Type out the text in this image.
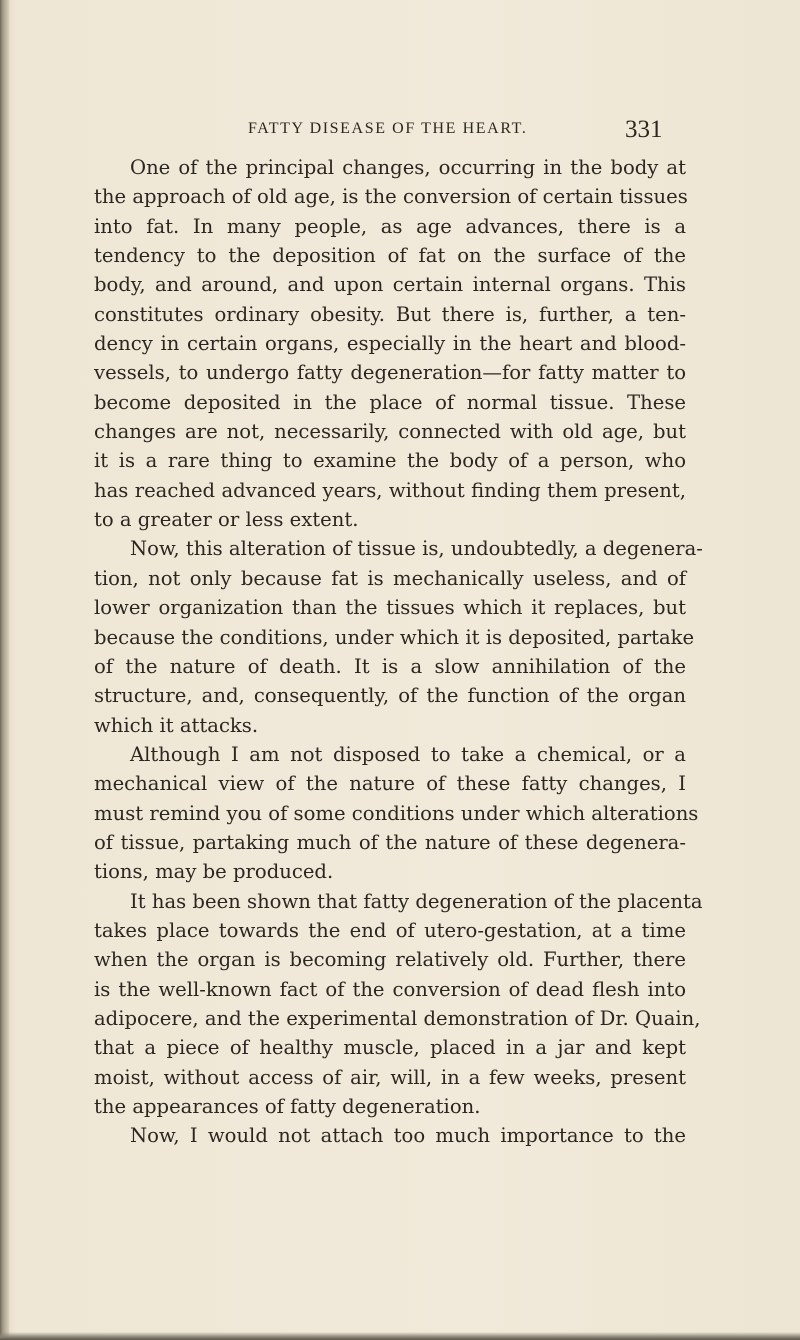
FATTY DISEASE OF THE HEART.	331
One of the principal changes, occurring in the body at
the approach of old age, is the conversion of certain tissues
into fat. In many people, as age advances, there is a
tendency to the deposition of fat on the surface of the
body, and around, and upon certain internal organs. This
constitutes ordinary obesity. But there is, further, a ten-
dency in certain organs, especially in the heart and blood-
vessels, to undergo fatty degeneration—for fatty matter to
become deposited in the place of normal tissue. These
changes are not, necessarily, connected with old age, but
it is a rare thing to examine the body of a person, who
has reached advanced years, without finding them present,
to a greater or less extent.
Now, this alteration of tissue is, undoubtedly, a degenera-
tion, not only because fat is mechanically useless, and of
lower organization than the tissues which it replaces, but
because the conditions, under which it is deposited, partake
of the nature of death. It is a slow annihilation of the
structure, and, consequently, of the function of the organ
which it attacks.
Although I am not disposed to take a chemical, or a
mechanical view of the nature of these fatty changes, I
must remind you of some conditions under which alterations
of tissue, partaking much of the nature of these degenera-
tions, may be produced.
It has been shown that fatty degeneration of the placenta
takes place towards the end of utero-gestation, at a time
when the organ is becoming relatively old. Further, there
is the well-known fact of the conversion of dead flesh into
adipocere, and the experimental demonstration of Dr. Quain,
that a piece of healthy muscle, placed in a jar and kept
moist, without access of air, will, in a few weeks, present
the appearances of fatty degeneration.
Now, I would not attach too much importance to the
